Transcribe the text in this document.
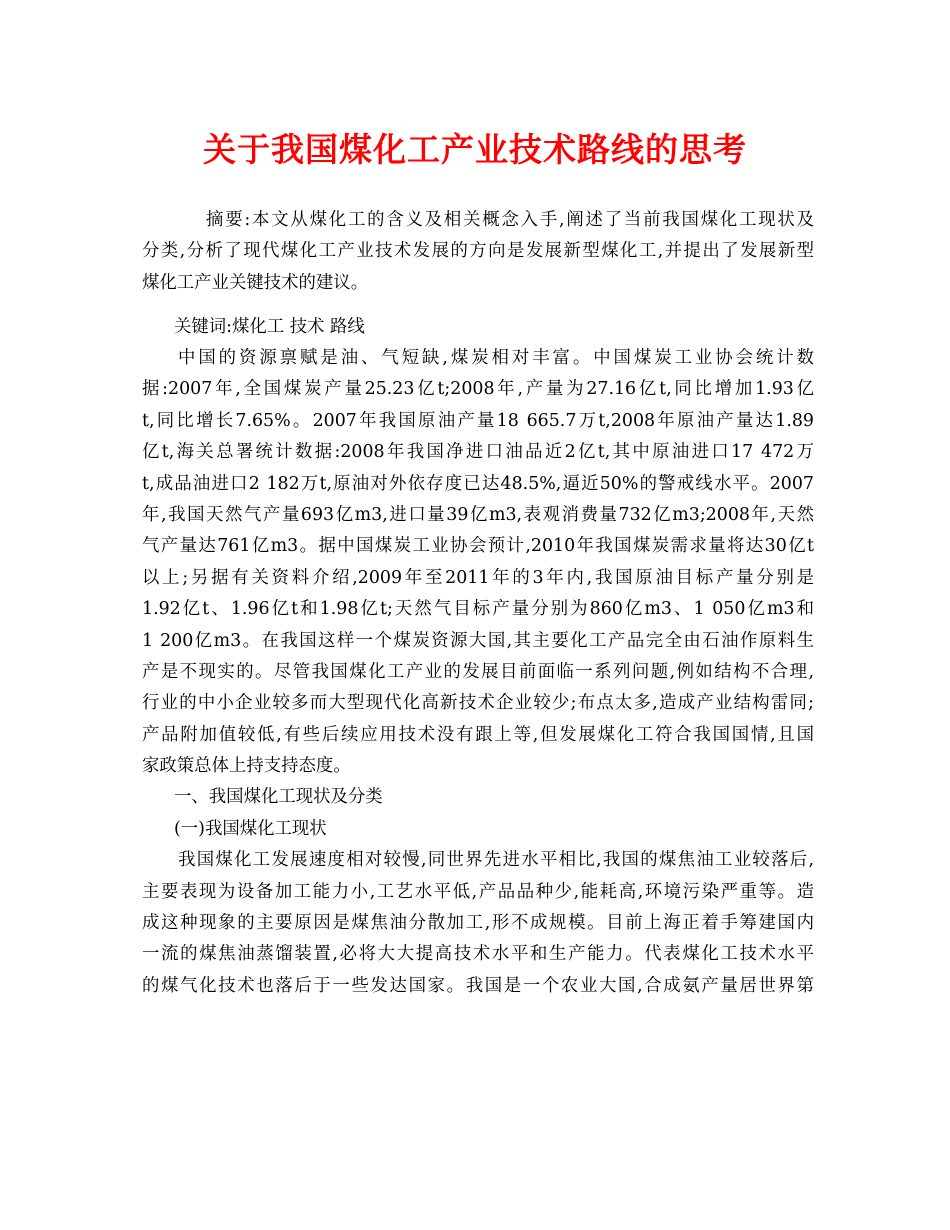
关于我国煤化工产业技术路线的思考
摘要:本文从煤化工的含义及相关概念入手,阐述了当前我国煤化工现状及
分类,分析了现代煤化工产业技术发展的方向是发展新型煤化工,并提出了发展新型
煤化工产业关键技术的建议。
关键词:煤化工 技术 路线
中国的资源禀赋是油、气短缺,煤炭相对丰富。中国煤炭工业协会统计数
据:2007年,全国煤炭产量25.23亿t;2008年,产量为27.16亿t,同比增加1.93亿
t,同比增长7.65%。2007年我国原油产量18 665.7万t,2008年原油产量达1.89
亿t,海关总署统计数据:2008年我国净进口油品近2亿t,其中原油进口17 472万
t,成品油进口2 182万t,原油对外依存度已达48.5%,逼近50%的警戒线水平。2007
年,我国天然气产量693亿m3,进口量39亿m3,表观消费量732亿m3;2008年,天然
气产量达761亿m3。据中国煤炭工业协会预计,2010年我国煤炭需求量将达30亿t
以上;另据有关资料介绍,2009年至2011年的3年内,我国原油目标产量分别是
1.92亿t、1.96亿t和1.98亿t;天然气目标产量分别为860亿m3、1 050亿m3和
1 200亿m3。在我国这样一个煤炭资源大国,其主要化工产品完全由石油作原料生
产是不现实的。尽管我国煤化工产业的发展目前面临一系列问题,例如结构不合理,
行业的中小企业较多而大型现代化高新技术企业较少;布点太多,造成产业结构雷同;
产品附加值较低,有些后续应用技术没有跟上等,但发展煤化工符合我国国情,且国
家政策总体上持支持态度。
一、我国煤化工现状及分类
(一)我国煤化工现状
我国煤化工发展速度相对较慢,同世界先进水平相比,我国的煤焦油工业较落后,
主要表现为设备加工能力小,工艺水平低,产品品种少,能耗高,环境污染严重等。造
成这种现象的主要原因是煤焦油分散加工,形不成规模。目前上海正着手筹建国内
一流的煤焦油蒸馏装置,必将大大提高技术水平和生产能力。代表煤化工技术水平
的煤气化技术也落后于一些发达国家。我国是一个农业大国,合成氨产量居世界第
